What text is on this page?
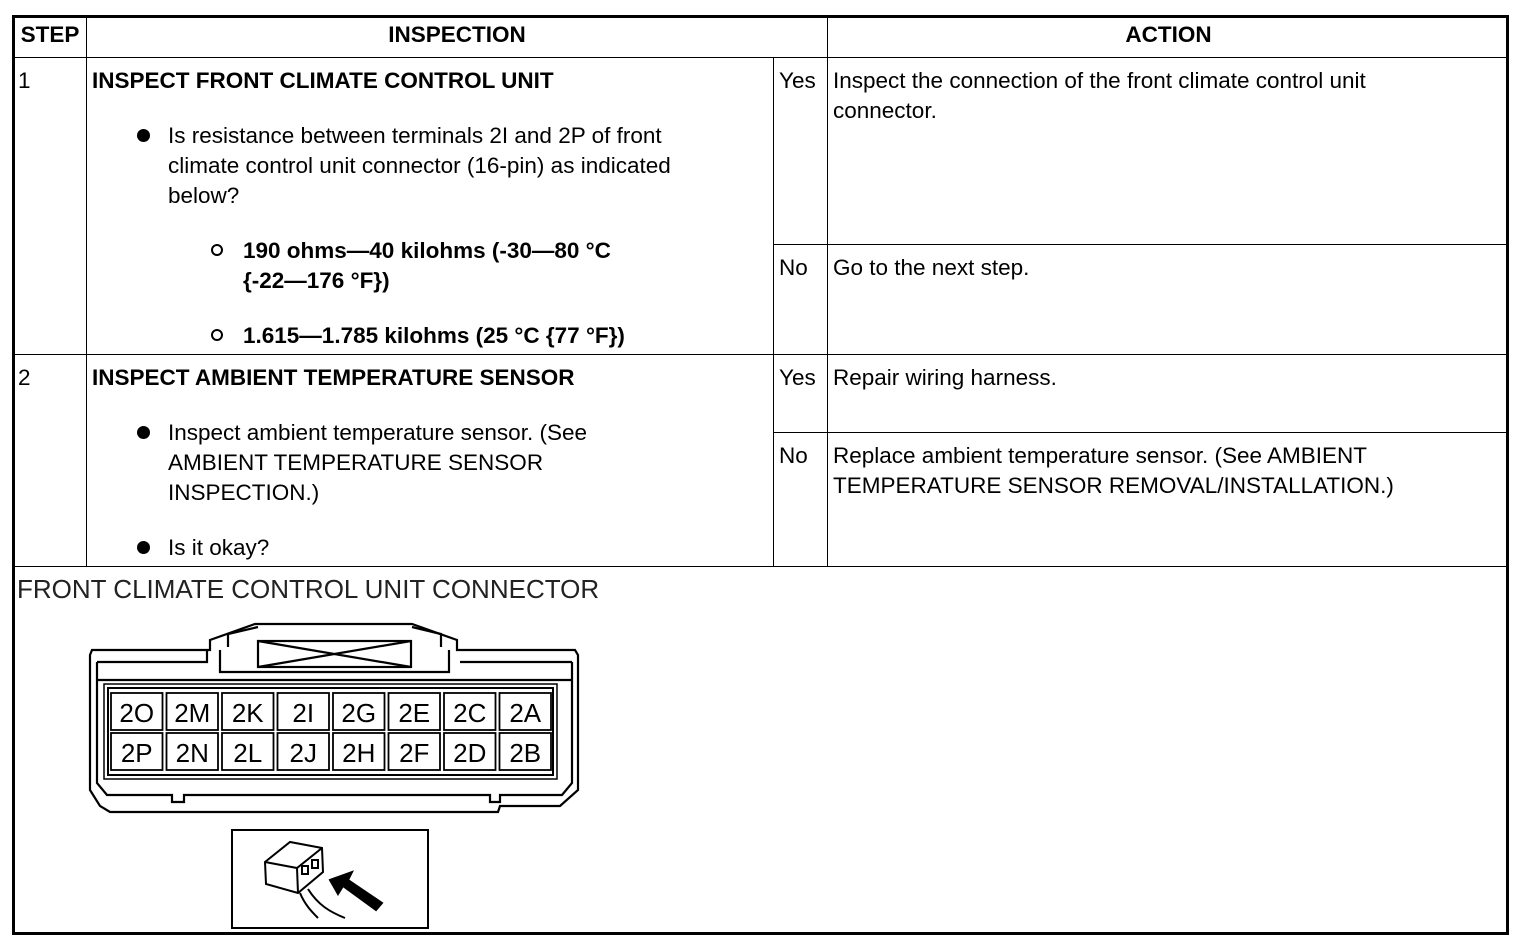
STEP	INSPECTION	ACTION
1	INSPECT FRONT CLIMATE CONTROL UNIT
Is resistance between terminals 2I and 2P of front
climate control unit connector (16-pin) as indicated
below?
190 ohms—40 kilohms (-30—80 °C
{-22—176 °F})
1.615—1.785 kilohms (25 °C {77 °F})
Yes Inspect the connection of the front climate control unit
connector.
No Go to the next step.
2	INSPECT AMBIENT TEMPERATURE SENSOR
Inspect ambient temperature sensor. (See
AMBIENT TEMPERATURE SENSOR
INSPECTION.)
Is it okay?
Yes Repair wiring harness.
No Replace ambient temperature sensor. (See AMBIENT
TEMPERATURE SENSOR REMOVAL/INSTALLATION.)
FRONT CLIMATE CONTROL UNIT CONNECTOR
2O 2M 2K 2I 2G 2E 2C 2A
2P 2N 2L 2J 2H 2F 2D 2B
